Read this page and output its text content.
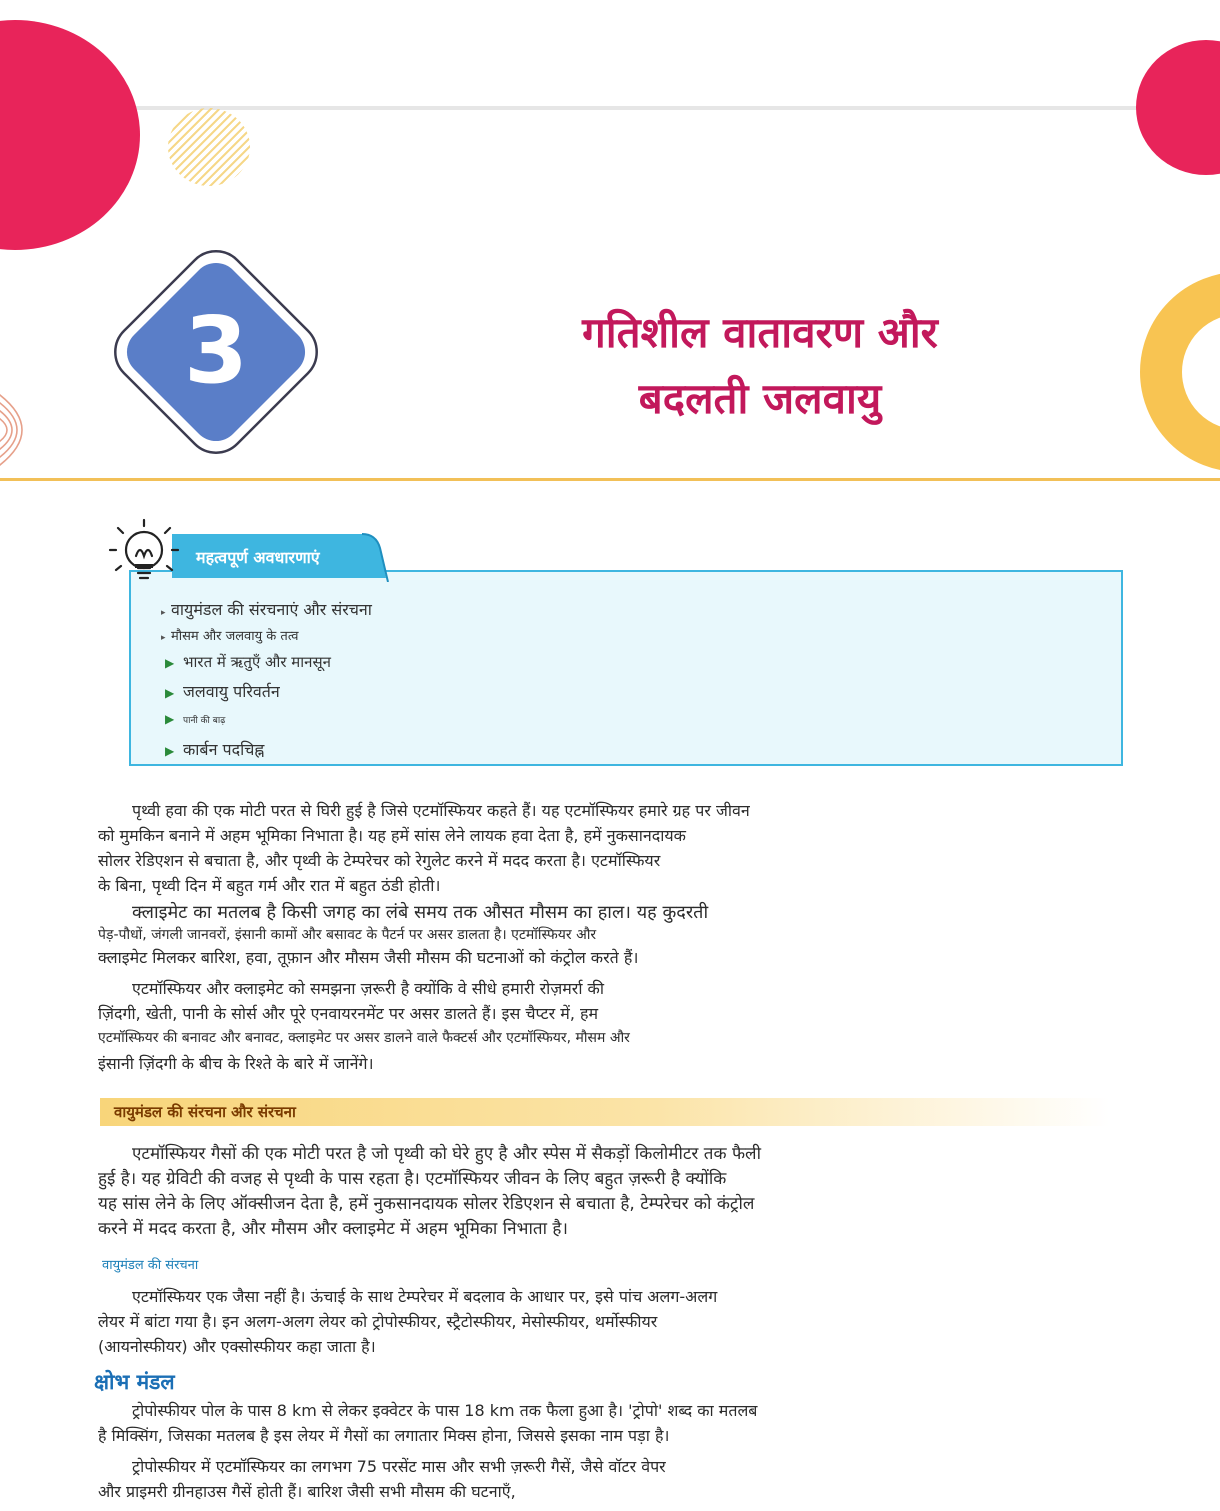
3	गतिशील वातावरण और
बदलती जलवायु
▸ वायुमंडल की संरचनाएं और संरचना
▸ मौसम और जलवायु के तत्व
▶ भारत में ऋतुएँ और मानसून
▶ जलवायु परिवर्तन
▶ पानी की बाढ़
▶ कार्बन पदचिह्न
महत्वपूर्ण अवधारणाएं
पृथ्वी हवा की एक मोटी परत से घिरी हुई है जिसे एटमॉस्फियर कहते हैं। यह एटमॉस्फियर हमारे ग्रह पर जीवन
को मुमकिन बनाने में अहम भूमिका निभाता है। यह हमें सांस लेने लायक हवा देता है, हमें नुकसानदायक
सोलर रेडिएशन से बचाता है, और पृथ्वी के टेम्परेचर को रेगुलेट करने में मदद करता है। एटमॉस्फियर
के बिना, पृथ्वी दिन में बहुत गर्म और रात में बहुत ठंडी होती।
क्लाइमेट का मतलब है किसी जगह का लंबे समय तक औसत मौसम का हाल। यह कुदरती
पेड़-पौधों, जंगली जानवरों, इंसानी कामों और बसावट के पैटर्न पर असर डालता है। एटमॉस्फियर और
क्लाइमेट मिलकर बारिश, हवा, तूफ़ान और मौसम जैसी मौसम की घटनाओं को कंट्रोल करते हैं।
एटमॉस्फियर और क्लाइमेट को समझना ज़रूरी है क्योंकि वे सीधे हमारी रोज़मर्रा की
ज़िंदगी, खेती, पानी के सोर्स और पूरे एनवायरनमेंट पर असर डालते हैं। इस चैप्टर में, हम
एटमॉस्फियर की बनावट और बनावट, क्लाइमेट पर असर डालने वाले फैक्टर्स और एटमॉस्फियर, मौसम और
इंसानी ज़िंदगी के बीच के रिश्ते के बारे में जानेंगे।
वायुमंडल की संरचना और संरचना
एटमॉस्फियर गैसों की एक मोटी परत है जो पृथ्वी को घेरे हुए है और स्पेस में सैकड़ों किलोमीटर तक फैली
हुई है। यह ग्रेविटी की वजह से पृथ्वी के पास रहता है। एटमॉस्फियर जीवन के लिए बहुत ज़रूरी है क्योंकि
यह सांस लेने के लिए ऑक्सीजन देता है, हमें नुकसानदायक सोलर रेडिएशन से बचाता है, टेम्परेचर को कंट्रोल
करने में मदद करता है, और मौसम और क्लाइमेट में अहम भूमिका निभाता है।
वायुमंडल की संरचना
एटमॉस्फियर एक जैसा नहीं है। ऊंचाई के साथ टेम्परेचर में बदलाव के आधार पर, इसे पांच अलग-अलग
लेयर में बांटा गया है। इन अलग-अलग लेयर को ट्रोपोस्फीयर, स्ट्रैटोस्फीयर, मेसोस्फीयर, थर्मोस्फीयर
(आयनोस्फीयर) और एक्सोस्फीयर कहा जाता है।
क्षोभ मंडल
ट्रोपोस्फीयर पोल के पास 8 km से लेकर इक्वेटर के पास 18 km तक फैला हुआ है। 'ट्रोपो' शब्द का मतलब
है मिक्सिंग, जिसका मतलब है इस लेयर में गैसों का लगातार मिक्स होना, जिससे इसका नाम पड़ा है।
ट्रोपोस्फीयर में एटमॉस्फियर का लगभग 75 परसेंट मास और सभी ज़रूरी गैसें, जैसे वॉटर वेपर
और प्राइमरी ग्रीनहाउस गैसें होती हैं। बारिश जैसी सभी मौसम की घटनाएँ,
